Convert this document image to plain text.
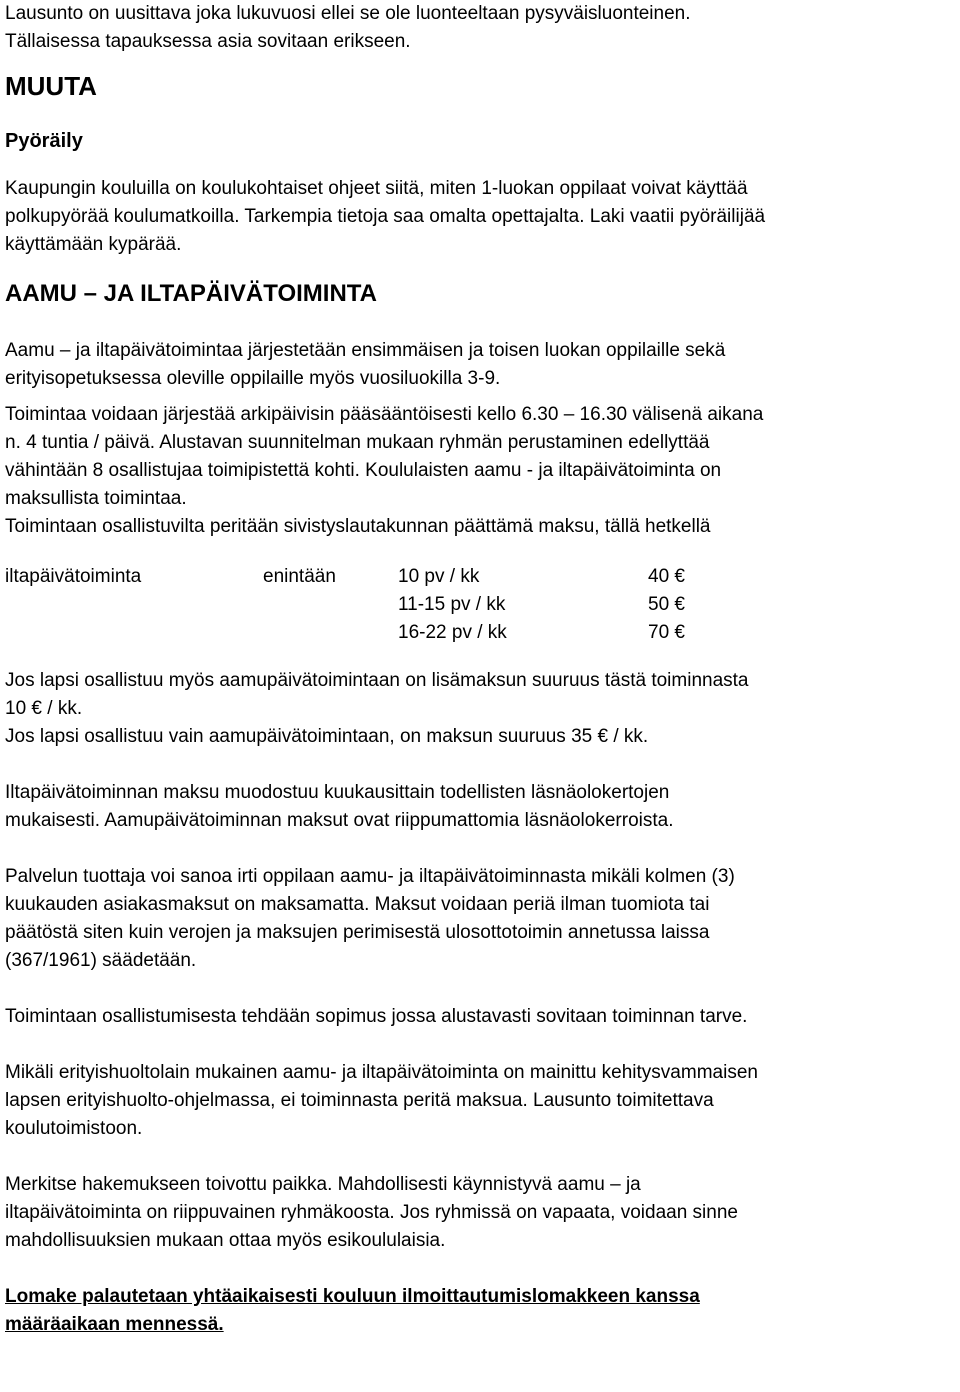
Lausunto on uusittava joka lukuvuosi ellei se ole luonteeltaan pysyväisluonteinen.
Tällaisessa tapauksessa asia sovitaan erikseen.

MUUTA
Pyöräily

Kaupungin kouluilla on koulukohtaiset ohjeet siitä, miten 1-luokan oppilaat voivat käyttää
polkupyörää koulumatkoilla. Tarkempia tietoja saa omalta opettajalta. Laki vaatii pyöräilijää
käyttämään kypärää.

AAMU – JA ILTAPÄIVÄTOIMINTA

Aamu – ja iltapäivätoimintaa järjestetään ensimmäisen ja toisen luokan oppilaille sekä
erityisopetuksessa oleville oppilaille myös vuosiluokilla 3-9.

Toimintaa voidaan järjestää arkipäivisin pääsääntöisesti kello 6.30 – 16.30 välisenä aikana
n. 4 tuntia / päivä. Alustavan suunnitelman mukaan ryhmän perustaminen edellyttää
vähintään 8 osallistujaa toimipistettä kohti. Koululaisten aamu - ja iltapäivätoiminta on
maksullista toimintaa.
Toimintaan osallistuvilta peritään sivistyslautakunnan päättämä maksu, tällä hetkellä

iltapäivätoiminta	enintään	10 pv / kk	40 €
11-15 pv / kk	50 €
16-22 pv / kk	70 €

Jos lapsi osallistuu myös aamupäivätoimintaan on lisämaksun suuruus tästä toiminnasta
10 € / kk.
Jos lapsi osallistuu vain aamupäivätoimintaan, on maksun suuruus 35 € / kk.

Iltapäivätoiminnan maksu muodostuu kuukausittain todellisten läsnäolokertojen
mukaisesti. Aamupäivätoiminnan maksut ovat riippumattomia läsnäolokerroista.

Palvelun tuottaja voi sanoa irti oppilaan aamu- ja iltapäivätoiminnasta mikäli kolmen (3)
kuukauden asiakasmaksut on maksamatta. Maksut voidaan periä ilman tuomiota tai
päätöstä siten kuin verojen ja maksujen perimisestä ulosottotoimin annetussa laissa
(367/1961) säädetään.

Toimintaan osallistumisesta tehdään sopimus jossa alustavasti sovitaan toiminnan tarve.

Mikäli erityishuoltolain mukainen aamu- ja iltapäivätoiminta on mainittu kehitysvammaisen
lapsen erityishuolto-ohjelmassa, ei toiminnasta peritä maksua. Lausunto toimitettava
koulutoimistoon.

Merkitse hakemukseen toivottu paikka. Mahdollisesti käynnistyvä aamu – ja
iltapäivätoiminta on riippuvainen ryhmäkoosta. Jos ryhmissä on vapaata, voidaan sinne
mahdollisuuksien mukaan ottaa myös esikoululaisia.

Lomake palautetaan yhtäaikaisesti kouluun ilmoittautumislomakkeen kanssa
määräaikaan mennessä.
